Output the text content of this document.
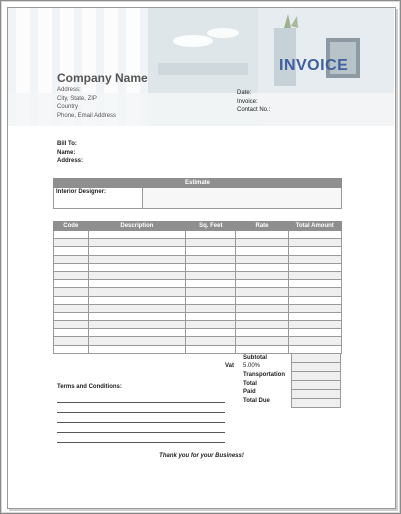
Company Name
Address:
City, State, ZIP
Country
Phone, Email Address
INVOICE
Date:
Invoice:
Contact No.:
Bill To:
Name:
Address:
Estimate
Interior Designer:	
Code	Description	Sq. Feet	Rate	Total Amount

Vat 5.00%
Subtotal
Transportation
Total
Paid
Total Due
Terms and Conditions:
Thank you for your Business!
